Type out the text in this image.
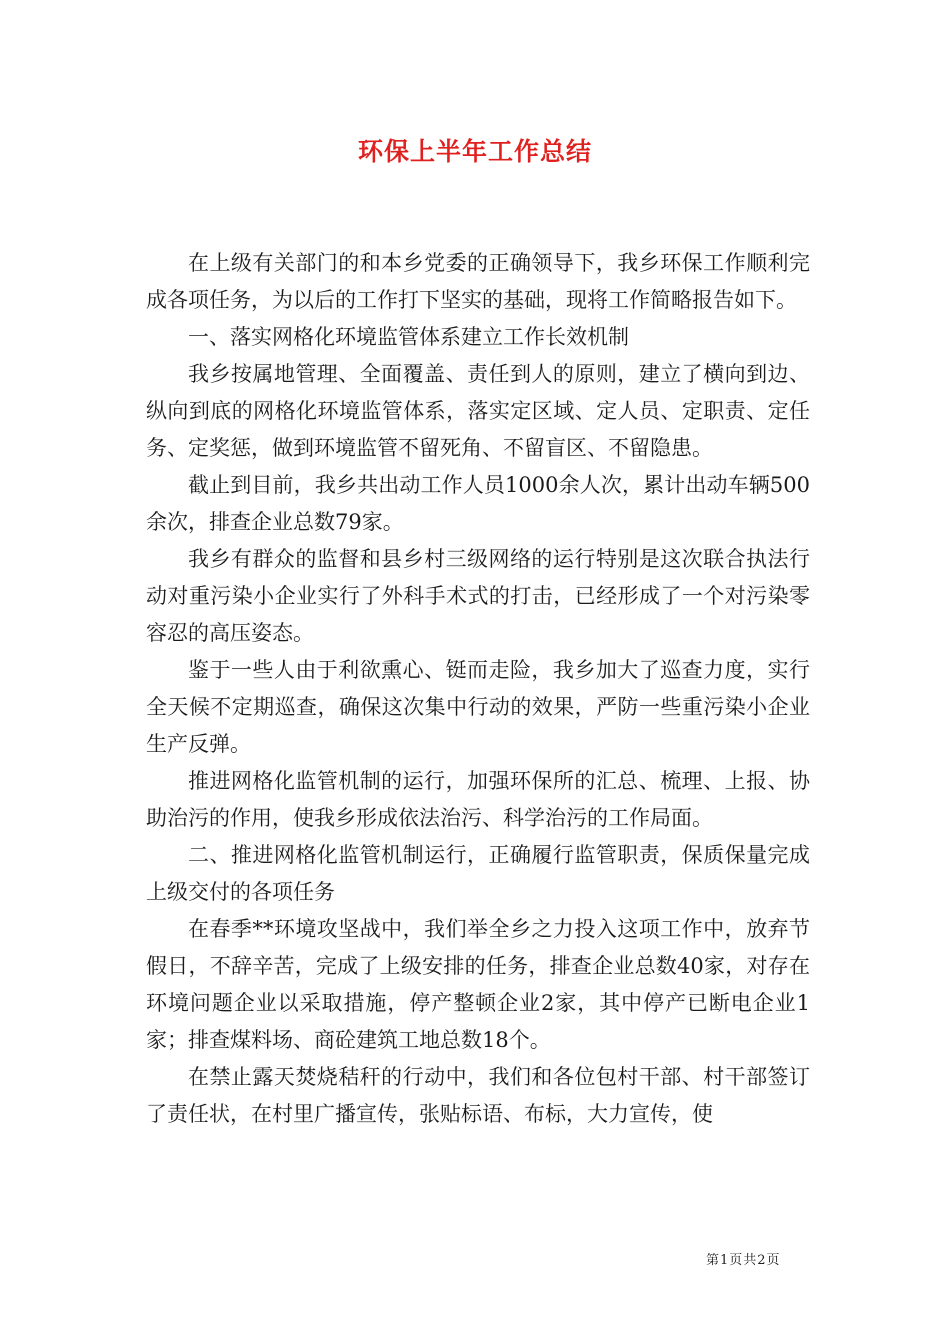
环保上半年工作总结

在上级有关部门的和本乡党委的正确领导下，我乡环保工作顺利完成各项任务，为以后的工作打下坚实的基础，现将工作简略报告如下。

一、落实网格化环境监管体系建立工作长效机制

我乡按属地管理、全面覆盖、责任到人的原则，建立了横向到边、纵向到底的网格化环境监管体系，落实定区域、定人员、定职责、定任务、定奖惩，做到环境监管不留死角、不留盲区、不留隐患。

截止到目前，我乡共出动工作人员1000余人次，累计出动车辆500余次，排查企业总数79家。

我乡有群众的监督和县乡村三级网络的运行特别是这次联合执法行动对重污染小企业实行了外科手术式的打击，已经形成了一个对污染零容忍的高压姿态。

鉴于一些人由于利欲熏心、铤而走险，我乡加大了巡查力度，实行全天候不定期巡查，确保这次集中行动的效果，严防一些重污染小企业生产反弹。

推进网格化监管机制的运行，加强环保所的汇总、梳理、上报、协助治污的作用，使我乡形成依法治污、科学治污的工作局面。

二、推进网格化监管机制运行，正确履行监管职责，保质保量完成上级交付的各项任务

在春季**环境攻坚战中，我们举全乡之力投入这项工作中，放弃节假日，不辞辛苦，完成了上级安排的任务，排查企业总数40家，对存在环境问题企业以采取措施，停产整顿企业2家，其中停产已断电企业1家；排查煤料场、商砼建筑工地总数18个。

在禁止露天焚烧秸秆的行动中，我们和各位包村干部、村干部签订了责任状，在村里广播宣传，张贴标语、布标，大力宣传，使

第1页共2页
